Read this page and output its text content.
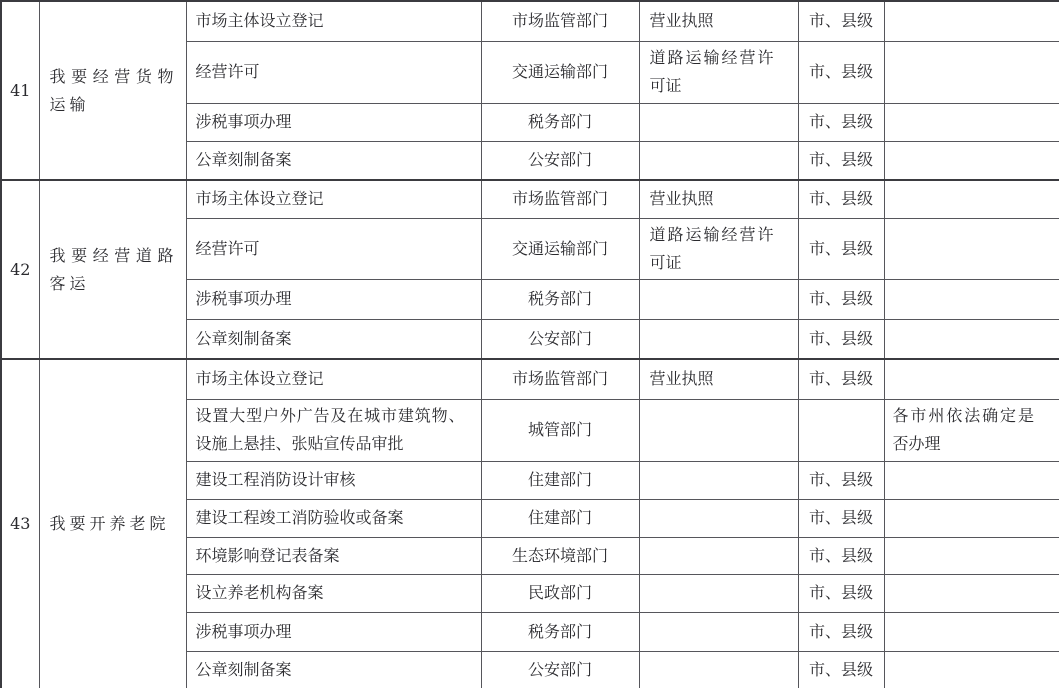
41	我要经营货物运输	市场主体设立登记	市场监管部门	营业执照	市、县级	
		经营许可	交通运输部门	道路运输经营许可证	市、县级	
		涉税事项办理	税务部门		市、县级	
		公章刻制备案	公安部门		市、县级	
42	我要经营道路客运	市场主体设立登记	市场监管部门	营业执照	市、县级	
		经营许可	交通运输部门	道路运输经营许可证	市、县级	
		涉税事项办理	税务部门		市、县级	
		公章刻制备案	公安部门		市、县级	
43	我要开养老院	市场主体设立登记	市场监管部门	营业执照	市、县级	
		设置大型户外广告及在城市建筑物、设施上悬挂、张贴宣传品审批	城管部门			各市州依法确定是否办理
		建设工程消防设计审核	住建部门		市、县级	
		建设工程竣工消防验收或备案	住建部门		市、县级	
		环境影响登记表备案	生态环境部门		市、县级	
		设立养老机构备案	民政部门		市、县级	
		涉税事项办理	税务部门		市、县级	
		公章刻制备案	公安部门		市、县级	
